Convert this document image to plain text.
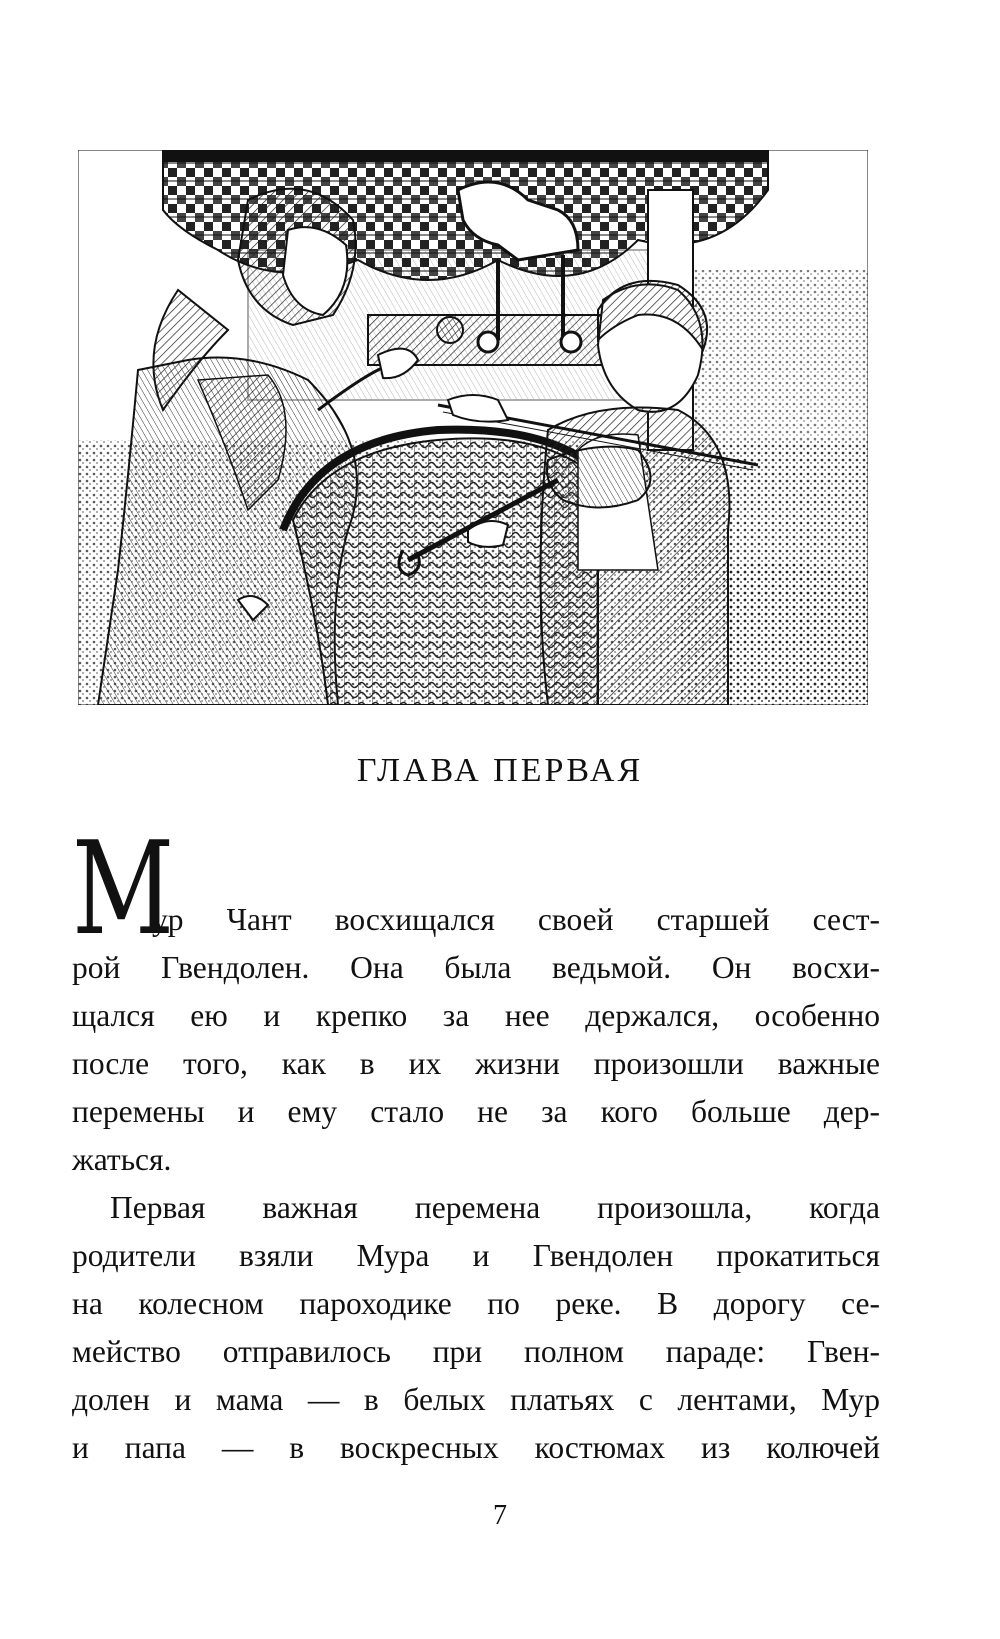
ГЛАВА ПЕРВАЯ
М
ур Чант восхищался своей старшей сест-
рой Гвендолен. Она была ведьмой. Он восхи-
щался ею и крепко за нее держался, особенно
после того, как в их жизни произошли важные
перемены и ему стало не за кого больше дер-
жаться.
Первая важная перемена произошла, когда
родители взяли Мура и Гвендолен прокатиться
на колесном пароходике по реке. В дорогу се-
мейство отправилось при полном параде: Гвен-
долен и мама — в белых платьях с лентами, Мур
и папа — в воскресных костюмах из колючей
7
